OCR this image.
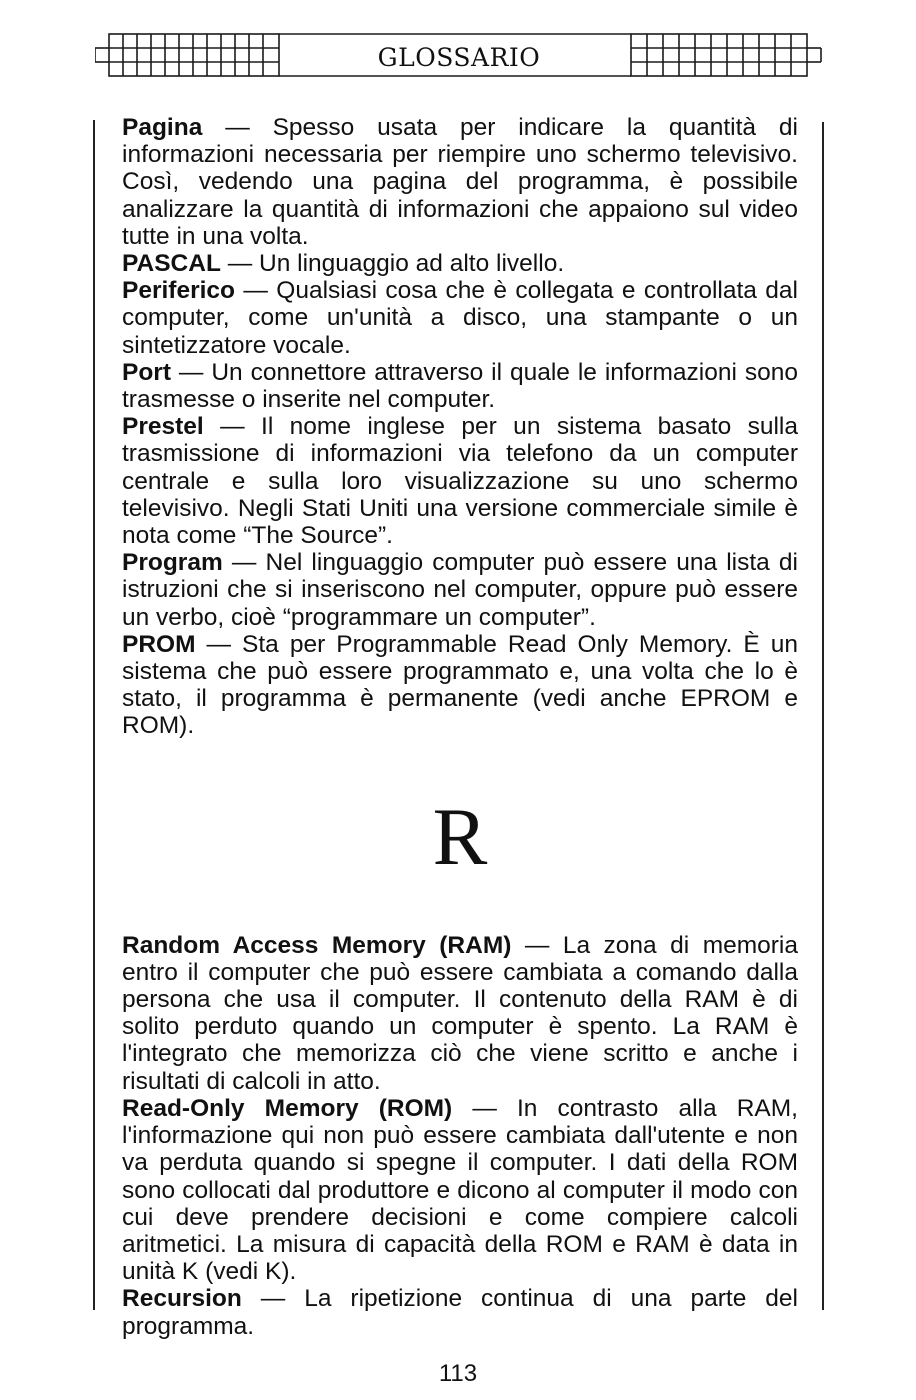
GLOSSARIO

Pagina — Spesso usata per indicare la quantità di informazioni necessaria per riempire uno schermo televisivo. Così, vedendo una pagina del programma, è possibile analizzare la quantità di informazioni che appaiono sul video tutte in una volta.

PASCAL — Un linguaggio ad alto livello.

Periferico — Qualsiasi cosa che è collegata e controllata dal computer, come un'unità a disco, una stampante o un sintetizzatore vocale.

Port — Un connettore attraverso il quale le informazioni sono trasmesse o inserite nel computer.

Prestel — Il nome inglese per un sistema basato sulla trasmissione di informazioni via telefono da un computer centrale e sulla loro visualizzazione su uno schermo televisivo. Negli Stati Uniti una versione commerciale simile è nota come “The Source”.

Program — Nel linguaggio computer può essere una lista di istruzioni che si inseriscono nel computer, oppure può essere un verbo, cioè “programmare un computer”.

PROM — Sta per Programmable Read Only Memory. È un sistema che può essere programmato e, una volta che lo è stato, il programma è permanente (vedi anche EPROM e ROM).

R

Random Access Memory (RAM) — La zona di memoria entro il computer che può essere cambiata a comando dalla persona che usa il computer. Il contenuto della RAM è di solito perduto quando un computer è spento. La RAM è l'integrato che memorizza ciò che viene scritto e anche i risultati di calcoli in atto.

Read-Only Memory (ROM) — In contrasto alla RAM, l'informazione qui non può essere cambiata dall'utente e non va perduta quando si spegne il computer. I dati della ROM sono collocati dal produttore e dicono al computer il modo con cui deve prendere decisioni e come compiere calcoli aritmetici. La misura di capacità della ROM e RAM è data in unità K (vedi K).

Recursion — La ripetizione continua di una parte del programma.

113
